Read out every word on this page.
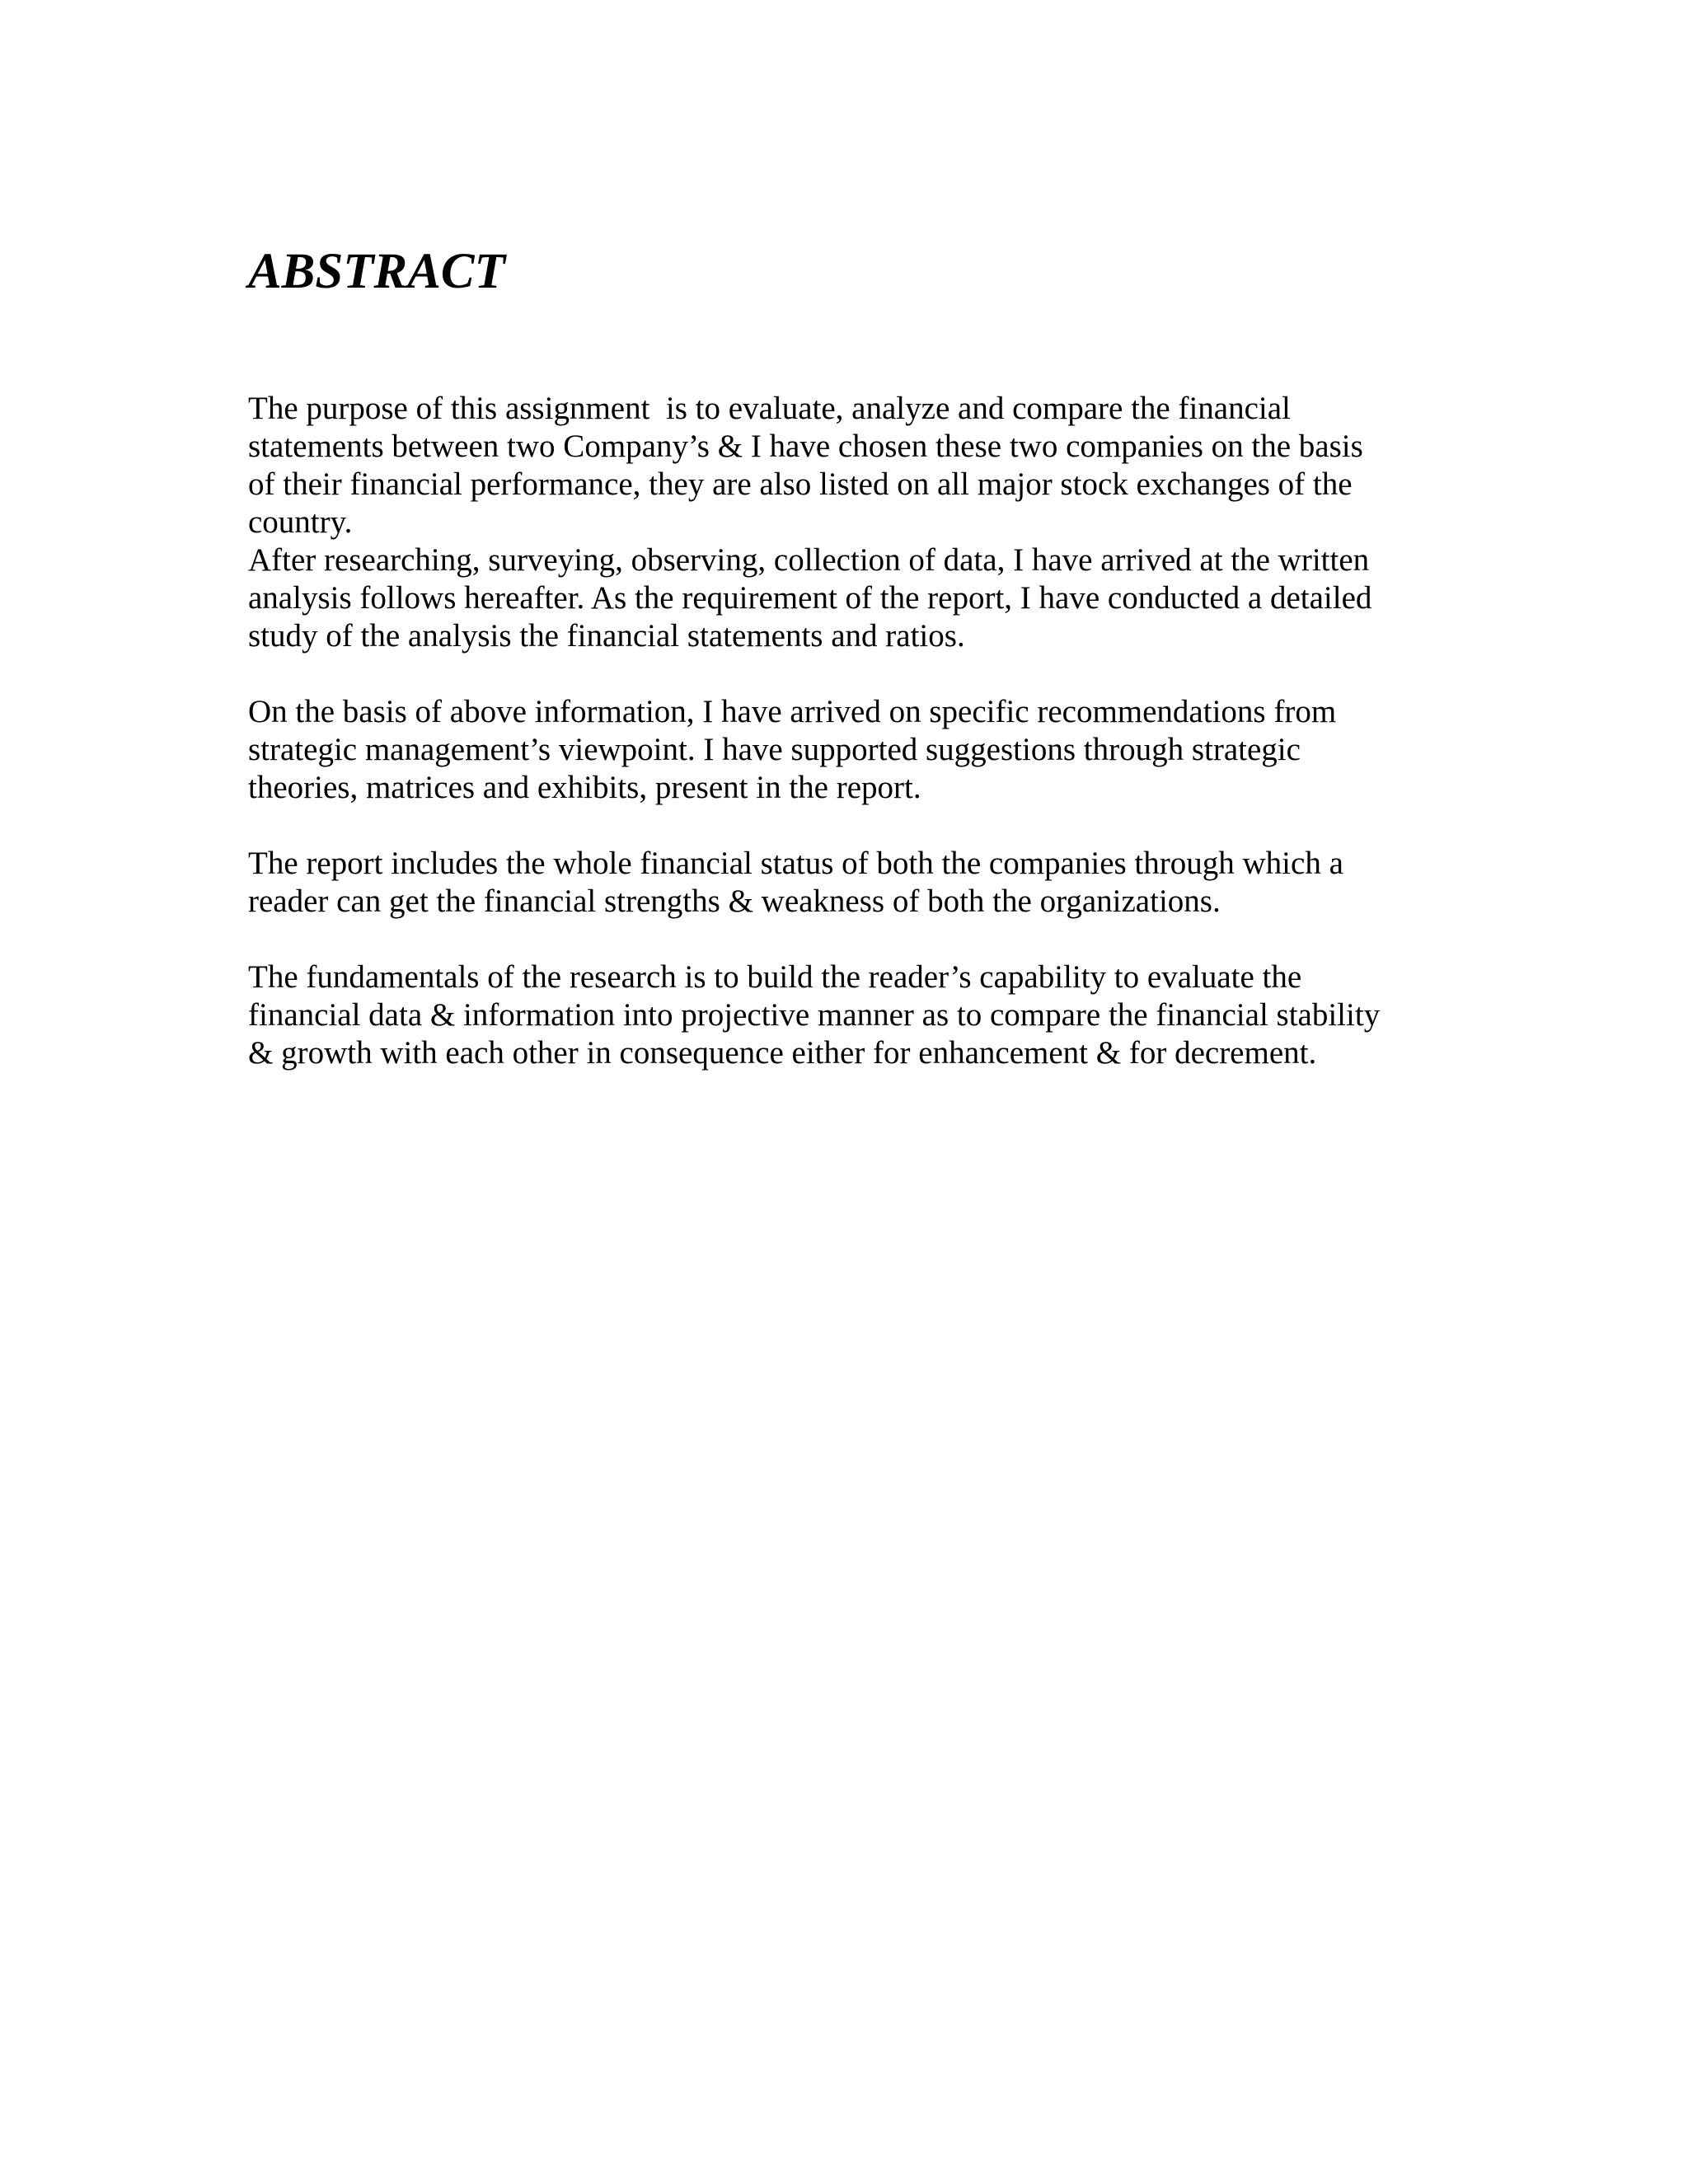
ABSTRACT
The purpose of this assignment  is to evaluate, analyze and compare the financial
statements between two Company’s & I have chosen these two companies on the basis
of their financial performance, they are also listed on all major stock exchanges of the
country.
After researching, surveying, observing, collection of data, I have arrived at the written
analysis follows hereafter. As the requirement of the report, I have conducted a detailed
study of the analysis the financial statements and ratios.
On the basis of above information, I have arrived on specific recommendations from
strategic management’s viewpoint. I have supported suggestions through strategic
theories, matrices and exhibits, present in the report.
The report includes the whole financial status of both the companies through which a
reader can get the financial strengths & weakness of both the organizations.
The fundamentals of the research is to build the reader’s capability to evaluate the
financial data & information into projective manner as to compare the financial stability
& growth with each other in consequence either for enhancement & for decrement.
